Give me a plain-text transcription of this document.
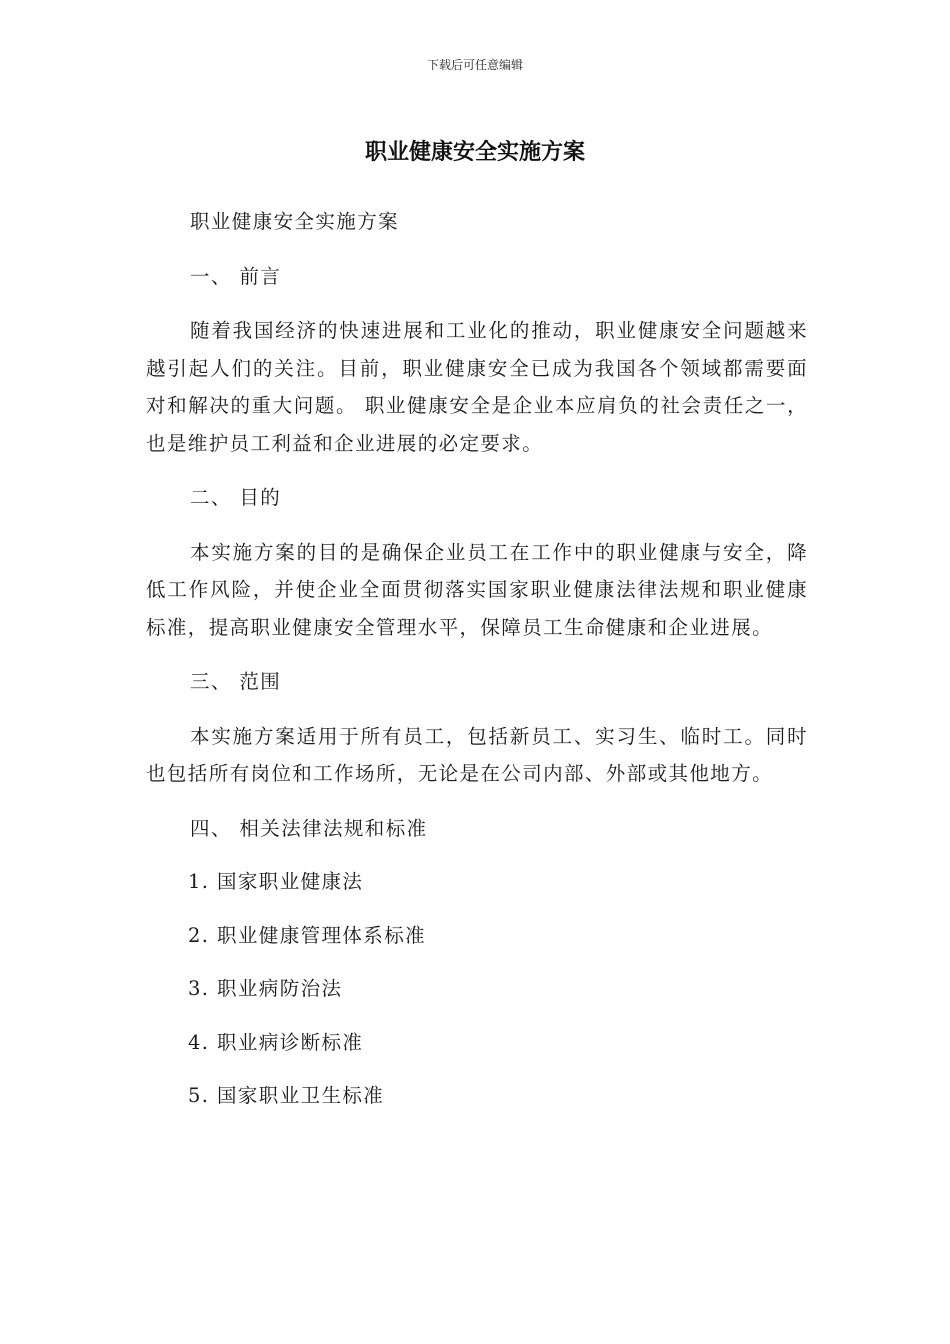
下载后可任意编辑
职业健康安全实施方案

职业健康安全实施方案

一、 前言

随着我国经济的快速进展和工业化的推动，职业健康安全问题越来越引起人们的关注。目前，职业健康安全已成为我国各个领域都需要面对和解决的重大问题。 职业健康安全是企业本应肩负的社会责任之一，也是维护员工利益和企业进展的必定要求。

二、 目的

本实施方案的目的是确保企业员工在工作中的职业健康与安全，降低工作风险，并使企业全面贯彻落实国家职业健康法律法规和职业健康标准，提高职业健康安全管理水平，保障员工生命健康和企业进展。

三、 范围

本实施方案适用于所有员工，包括新员工、实习生、临时工。同时也包括所有岗位和工作场所，无论是在公司内部、外部或其他地方。

四、 相关法律法规和标准

1. 国家职业健康法

2. 职业健康管理体系标准

3. 职业病防治法

4. 职业病诊断标准

5. 国家职业卫生标准
